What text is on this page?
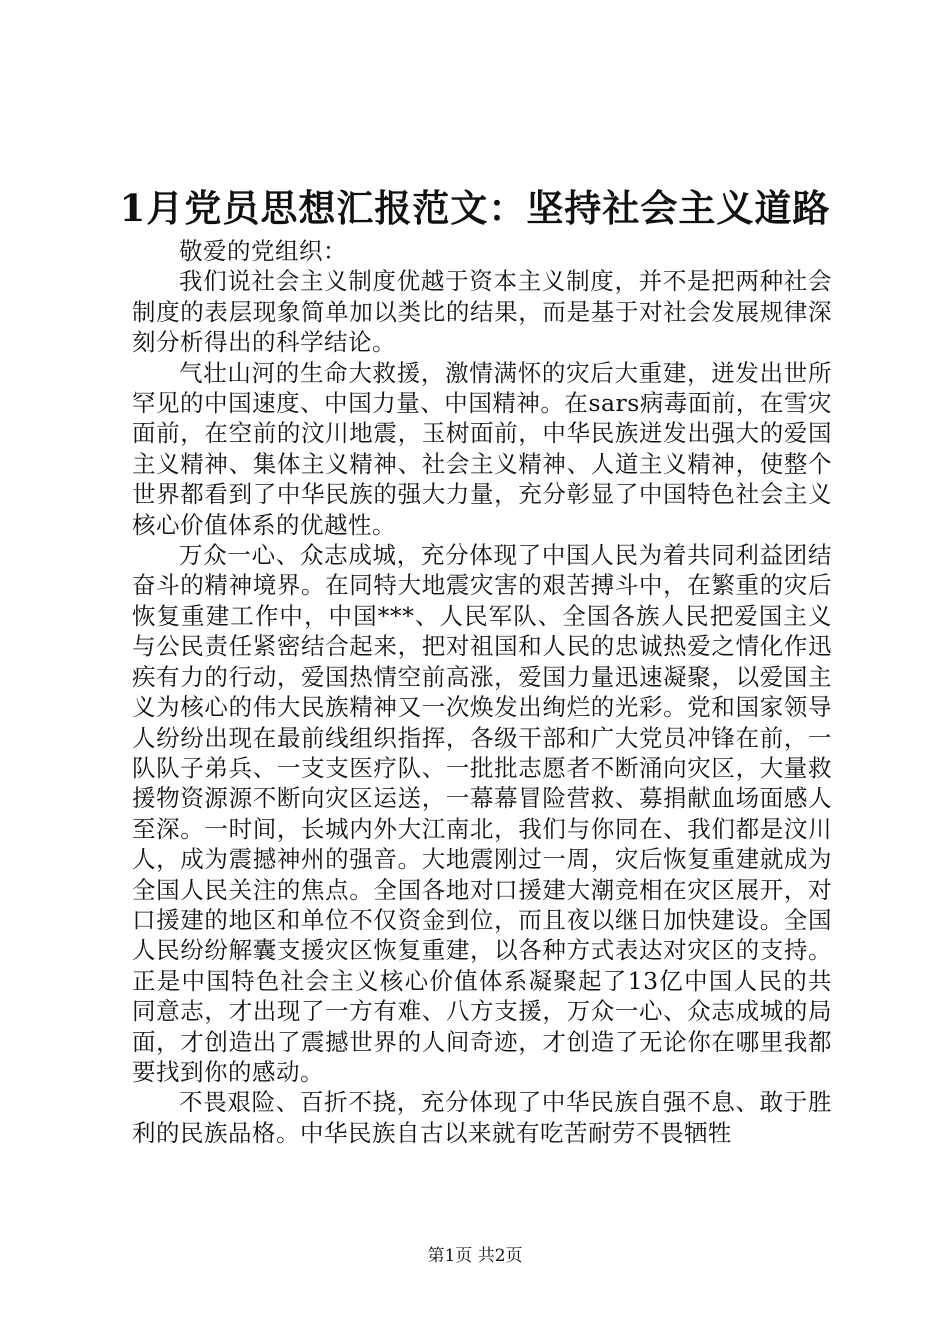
1月党员思想汇报范文：坚持社会主义道路

敬爱的党组织：

我们说社会主义制度优越于资本主义制度，并不是把两种社会制度的表层现象简单加以类比的结果，而是基于对社会发展规律深刻分析得出的科学结论。

气壮山河的生命大救援，激情满怀的灾后大重建，迸发出世所罕见的中国速度、中国力量、中国精神。在sars病毒面前，在雪灾面前，在空前的汶川地震，玉树面前，中华民族迸发出强大的爱国主义精神、集体主义精神、社会主义精神、人道主义精神，使整个世界都看到了中华民族的强大力量，充分彰显了中国特色社会主义核心价值体系的优越性。

万众一心、众志成城，充分体现了中国人民为着共同利益团结奋斗的精神境界。在同特大地震灾害的艰苦搏斗中，在繁重的灾后恢复重建工作中，中国***、人民军队、全国各族人民把爱国主义与公民责任紧密结合起来，把对祖国和人民的忠诚热爱之情化作迅疾有力的行动，爱国热情空前高涨，爱国力量迅速凝聚，以爱国主义为核心的伟大民族精神又一次焕发出绚烂的光彩。党和国家领导人纷纷出现在最前线组织指挥，各级干部和广大党员冲锋在前，一队队子弟兵、一支支医疗队、一批批志愿者不断涌向灾区，大量救援物资源源不断向灾区运送，一幕幕冒险营救、募捐献血场面感人至深。一时间，长城内外大江南北，我们与你同在、我们都是汶川人，成为震撼神州的强音。大地震刚过一周，灾后恢复重建就成为全国人民关注的焦点。全国各地对口援建大潮竞相在灾区展开，对口援建的地区和单位不仅资金到位，而且夜以继日加快建设。全国人民纷纷解囊支援灾区恢复重建，以各种方式表达对灾区的支持。正是中国特色社会主义核心价值体系凝聚起了13亿中国人民的共同意志，才出现了一方有难、八方支援，万众一心、众志成城的局面，才创造出了震撼世界的人间奇迹，才创造了无论你在哪里我都要找到你的感动。

不畏艰险、百折不挠，充分体现了中华民族自强不息、敢于胜利的民族品格。中华民族自古以来就有吃苦耐劳不畏牺牲

第1页 共2页
